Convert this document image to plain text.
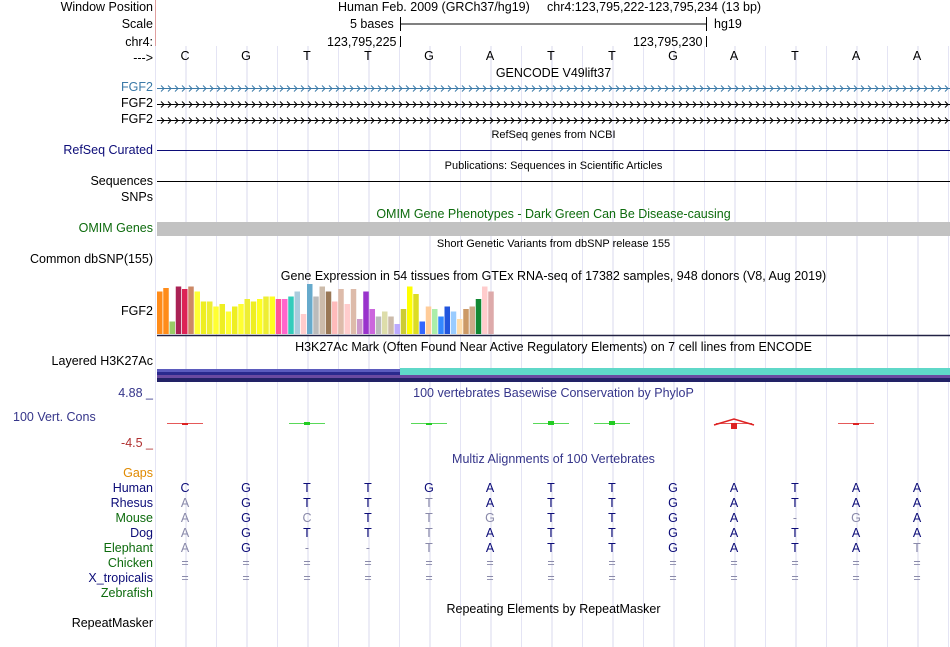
Window Position
Scale
chr4:
--->
Human Feb. 2009 (GRCh37/hg19) chr4:123,795,222-123,795,234 (13 bp)
5 bases	hg19
123,795,225	123,795,230
C	G	T	T	G	A	T	T	G	A	T	A	A
GENCODE V49lift37
FGF2
FGF2
FGF2
RefSeq genes from NCBI
RefSeq Curated
Publications: Sequences in Scientific Articles
Sequences
SNPs
OMIM Gene Phenotypes - Dark Green Can Be Disease-causing
OMIM Genes
Short Genetic Variants from dbSNP release 155
Common dbSNP(155)
Gene Expression in 54 tissues from GTEx RNA-seq of 17382 samples, 948 donors (V8, Aug 2019)
FGF2
H3K27Ac Mark (Often Found Near Active Regulatory Elements) on 7 cell lines from ENCODE
Layered H3K27Ac
100 vertebrates Basewise Conservation by PhyloP
4.88 _
100 Vert. Cons
-4.5 _
Multiz Alignments of 100 Vertebrates
Gaps
Human	C	G	T	T	G	A	T	T	G	A	T	A	A
Rhesus	A	G	T	T	T	A	T	T	G	A	T	A	A
Mouse	A	G	C	T	T	G	T	T	G	A	-	G	A
Dog	A	G	T	T	T	A	T	T	G	A	T	A	A
Elephant	A	G	-	-	T	A	T	T	G	A	T	A	T
Chicken	=	=	=	=	=	=	=	=	=	=	=	=	=
X_tropicalis	=	=	=	=	=	=	=	=	=	=	=	=	=
Zebrafish
Repeating Elements by RepeatMasker
RepeatMasker
